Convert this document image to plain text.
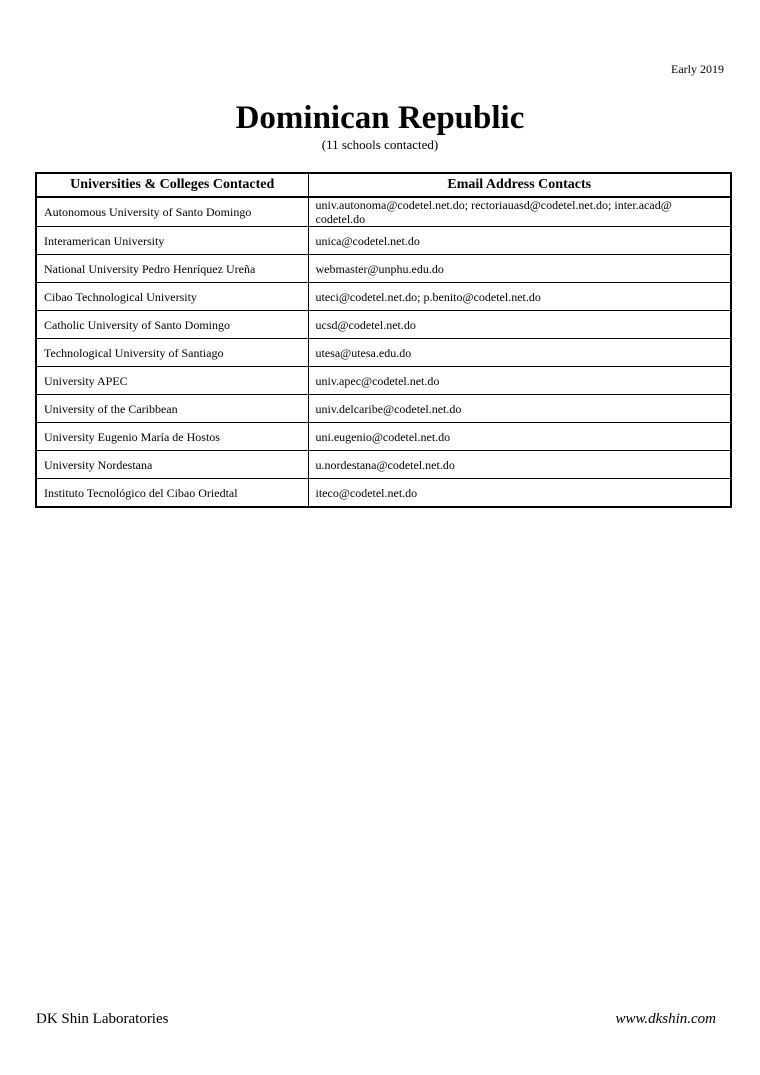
Early 2019
Dominican Republic
(11 schools contacted)
Universities & Colleges Contacted	Email Address Contacts
Autonomous University of Santo Domingo	univ.autonoma@codetel.net.do; rectoriauasd@codetel.net.do; inter.acad@ codetel.do
Interamerican University	unica@codetel.net.do
National University Pedro Henríquez Ureña	webmaster@unphu.edu.do
Cibao Technological University	uteci@codetel.net.do; p.benito@codetel.net.do
Catholic University of Santo Domingo	ucsd@codetel.net.do
Technological University of Santiago	utesa@utesa.edu.do
University APEC	univ.apec@codetel.net.do
University of the Caribbean	univ.delcaribe@codetel.net.do
University Eugenio María de Hostos	uni.eugenio@codetel.net.do
University Nordestana	u.nordestana@codetel.net.do
Instituto Tecnológico del Cibao Oriedtal	iteco@codetel.net.do
DK Shin Laboratories	www.dkshin.com
